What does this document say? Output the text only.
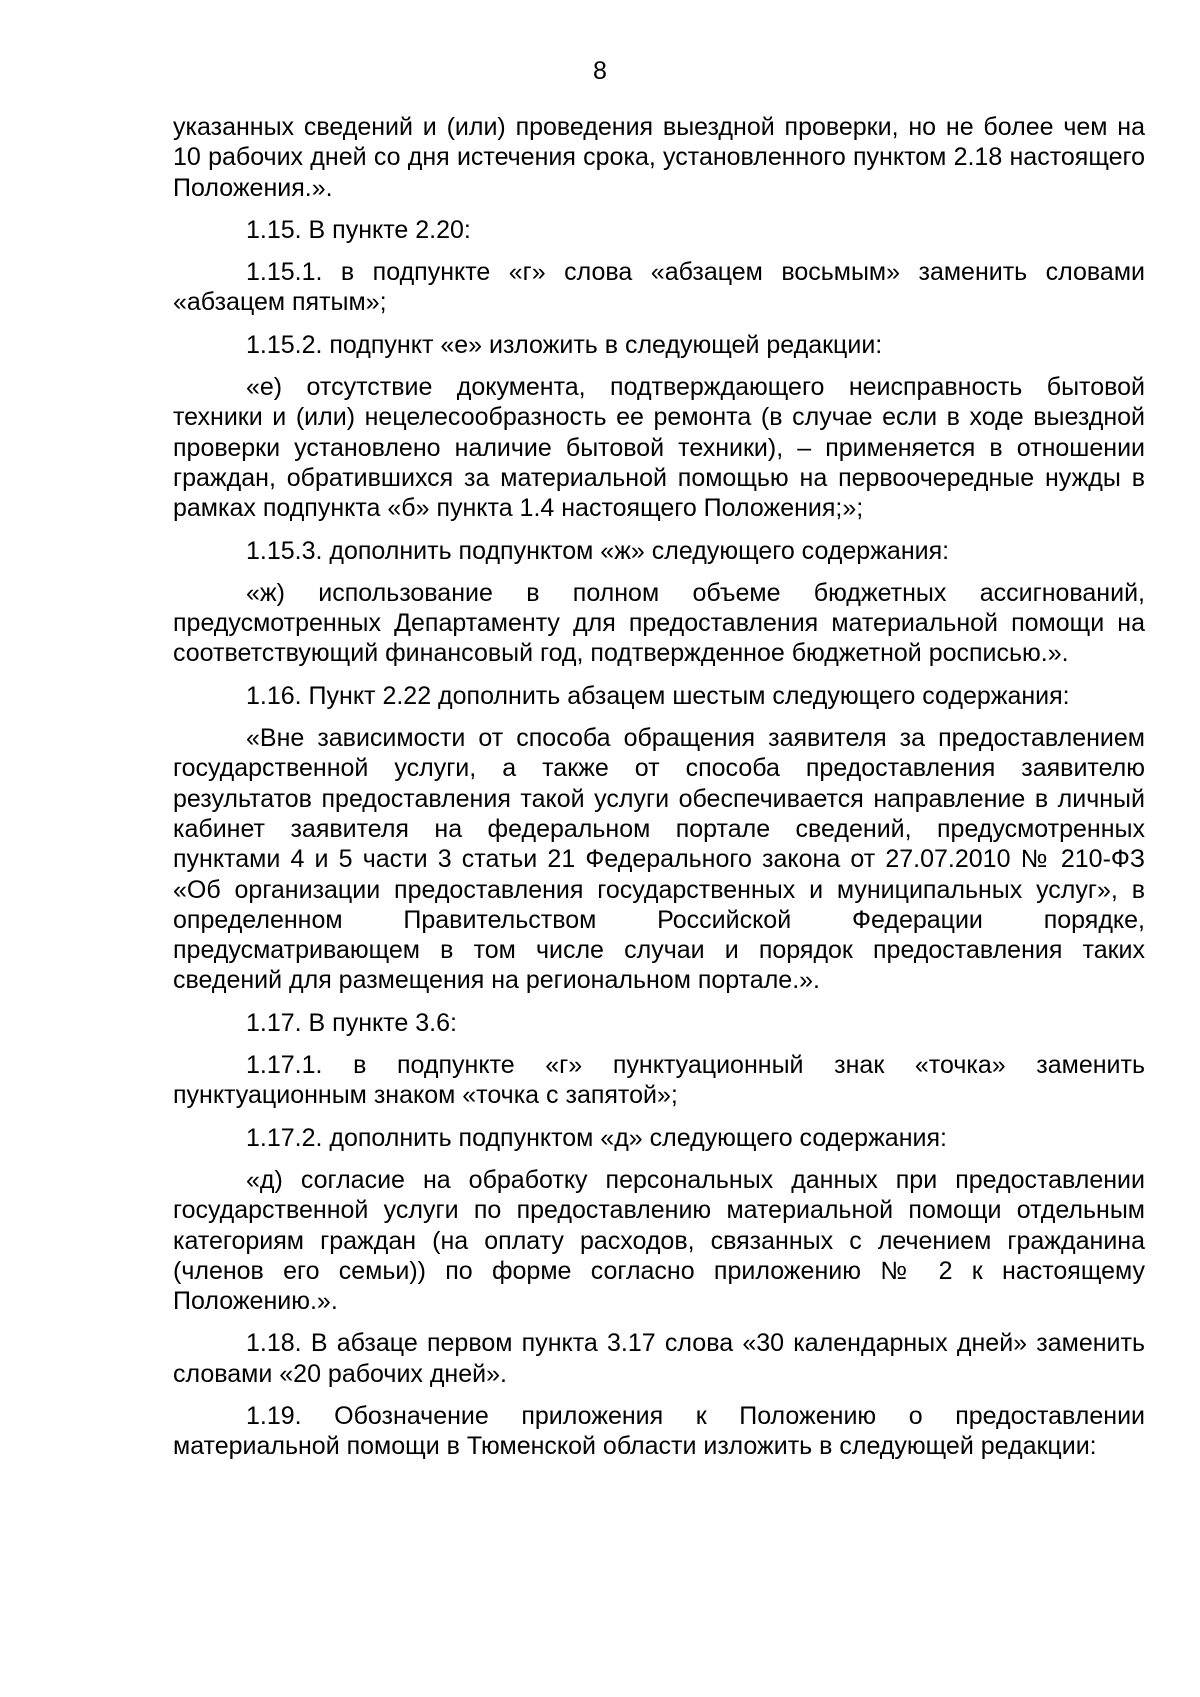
8

указанных сведений и (или) проведения выездной проверки, но не более чем на 10 рабочих дней со дня истечения срока, установленного пунктом 2.18 настоящего Положения.».

1.15. В пункте 2.20:

1.15.1. в подпункте «г» слова «абзацем восьмым» заменить словами «абзацем пятым»;

1.15.2. подпункт «е» изложить в следующей редакции:

«е) отсутствие документа, подтверждающего неисправность бытовой техники и (или) нецелесообразность ее ремонта (в случае если в ходе выездной проверки установлено наличие бытовой техники), – применяется в отношении граждан, обратившихся за материальной помощью на первоочередные нужды в рамках подпункта «б» пункта 1.4 настоящего Положения;»;

1.15.3. дополнить подпунктом «ж» следующего содержания:

«ж) использование в полном объеме бюджетных ассигнований, предусмотренных Департаменту для предоставления материальной помощи на соответствующий финансовый год, подтвержденное бюджетной росписью.».

1.16. Пункт 2.22 дополнить абзацем шестым следующего содержания:

«Вне зависимости от способа обращения заявителя за предоставлением государственной услуги, а также от способа предоставления заявителю результатов предоставления такой услуги обеспечивается направление в личный кабинет заявителя на федеральном портале сведений, предусмотренных пунктами 4 и 5 части 3 статьи 21 Федерального закона от 27.07.2010 № 210-ФЗ «Об организации предоставления государственных и муниципальных услуг», в определенном Правительством Российской Федерации порядке, предусматривающем в том числе случаи и порядок предоставления таких сведений для размещения на региональном портале.».

1.17. В пункте 3.6:

1.17.1. в подпункте «г» пунктуационный знак «точка» заменить пунктуационным знаком «точка с запятой»;

1.17.2. дополнить подпунктом «д» следующего содержания:

«д) согласие на обработку персональных данных при предоставлении государственной услуги по предоставлению материальной помощи отдельным категориям граждан (на оплату расходов, связанных с лечением гражданина (членов его семьи)) по форме согласно приложению № 2 к настоящему Положению.».

1.18. В абзаце первом пункта 3.17 слова «30 календарных дней» заменить словами «20 рабочих дней».

1.19. Обозначение приложения к Положению о предоставлении материальной помощи в Тюменской области изложить в следующей редакции:
